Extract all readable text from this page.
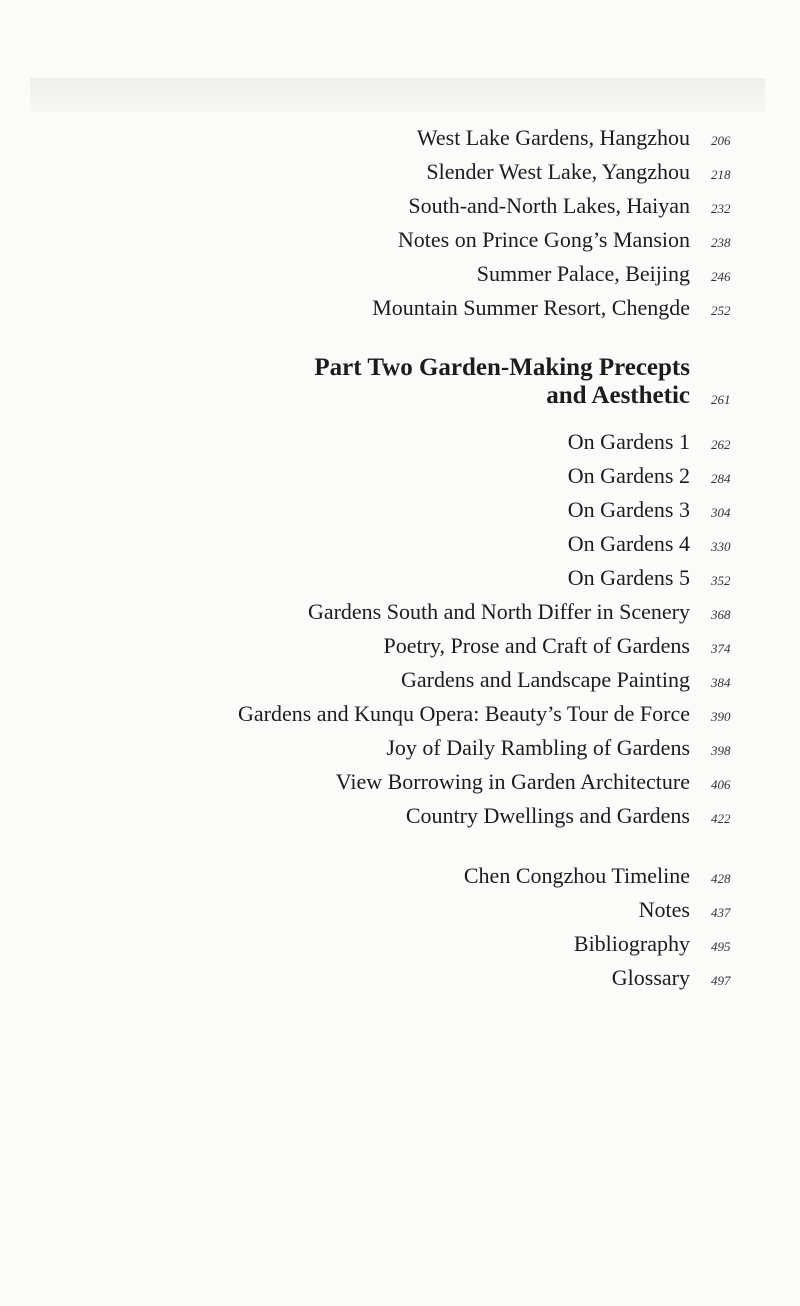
West Lake Gardens, Hangzhou 206
Slender West Lake, Yangzhou 218
South-and-North Lakes, Haiyan 232
Notes on Prince Gong’s Mansion 238
Summer Palace, Beijing 246
Mountain Summer Resort, Chengde 252
Part Two Garden-Making Precepts
and Aesthetic 261
On Gardens 1 262
On Gardens 2 284
On Gardens 3 304
On Gardens 4 330
On Gardens 5 352
Gardens South and North Differ in Scenery 368
Poetry, Prose and Craft of Gardens 374
Gardens and Landscape Painting 384
Gardens and Kunqu Opera: Beauty’s Tour de Force 390
Joy of Daily Rambling of Gardens 398
View Borrowing in Garden Architecture 406
Country Dwellings and Gardens 422
Chen Congzhou Timeline 428
Notes 437
Bibliography 495
Glossary 497
